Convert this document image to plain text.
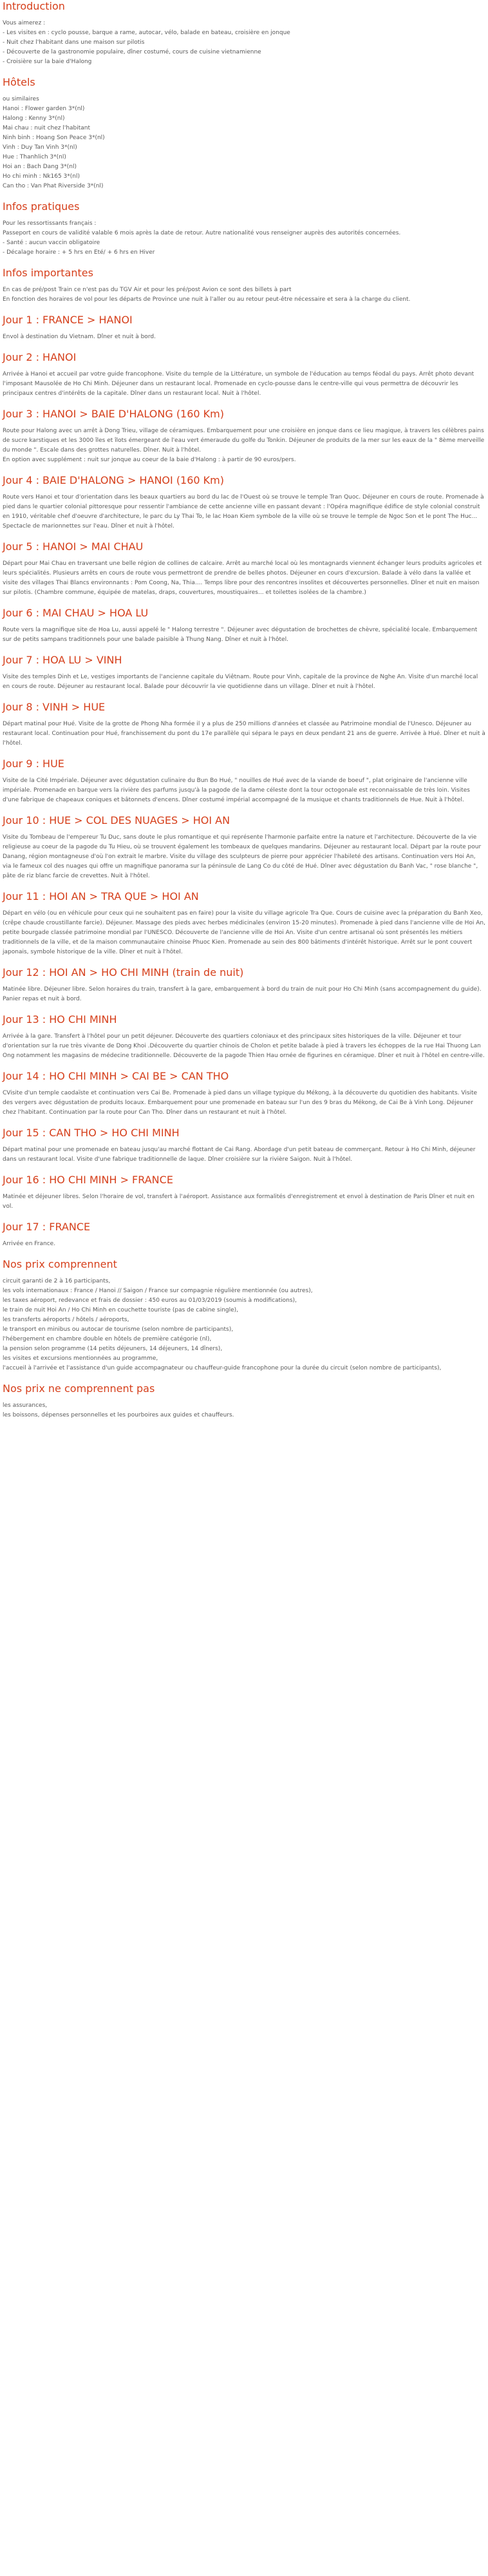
Introduction

Vous aimerez :

- Les visites en : cyclo pousse, barque a rame, autocar, vélo, balade en bateau, croisière en jonque

- Nuit chez l'habitant dans une maison sur pilotis

- Découverte de la gastronomie populaire, dîner costumé, cours de cuisine vietnamienne

- Croisière sur la baie d'Halong

Hôtels

ou similaires

Hanoi : Flower garden 3*(nl)

Halong : Kenny 3*(nl)

Mai chau : nuit chez l'habitant

Ninh binh : Hoang Son Peace 3*(nl)

Vinh : Duy Tan Vinh 3*(nl)

Hue : Thanhlich 3*(nl)

Hoi an : Bach Dang 3*(nl)

Ho chi minh : Nk165 3*(nl)

Can tho : Van Phat Riverside 3*(nl)

Infos pratiques

Pour les ressortissants français :

Passeport en cours de validité valable 6 mois après la date de retour. Autre nationalité vous renseigner auprès des autorités concernées.

- Santé : aucun vaccin obligatoire

- Décalage horaire : + 5 hrs en Eté/ + 6 hrs en Hiver

Infos importantes

En cas de pré/post Train ce n'est pas du TGV Air et pour les pré/post Avion ce sont des billets à part

En fonction des horaires de vol pour les départs de Province une nuit à l'aller ou au retour peut-être nécessaire et sera à la charge du client.

Jour 1 : FRANCE > HANOI

Envol à destination du Vietnam. Dîner et nuit à bord.

Jour 2 : HANOI

Arrivée à Hanoi et accueil par votre guide francophone. Visite du temple de la Littérature, un symbole de l'éducation au temps féodal du pays. Arrêt photo devant l'imposant Mausolée de Ho Chi Minh. Déjeuner dans un restaurant local. Promenade en cyclo-pousse dans le centre-ville qui vous permettra de découvrir les principaux centres d'intérêts de la capitale. Dîner dans un restaurant local. Nuit à l'hôtel.

Jour 3 : HANOI > BAIE D'HALONG (160 Km)

Route pour Halong avec un arrêt à Dong Trieu, village de céramiques. Embarquement pour une croisière en jonque dans ce lieu magique, à travers les célèbres pains de sucre karstiques et les 3000 îles et îlots émergeant de l'eau vert émeraude du golfe du Tonkin. Déjeuner de produits de la mer sur les eaux de la " 8ème merveille du monde ". Escale dans des grottes naturelles. Dîner. Nuit à l'hôtel.

En option avec supplément : nuit sur jonque au coeur de la baie d'Halong : à partir de 90 euros/pers.

Jour 4 : BAIE D'HALONG > HANOI (160 Km)

Route vers Hanoi et tour d'orientation dans les beaux quartiers au bord du lac de l'Ouest où se trouve le temple Tran Quoc. Déjeuner en cours de route. Promenade à pied dans le quartier colonial pittoresque pour ressentir l'ambiance de cette ancienne ville en passant devant : l'Opéra magnifique édifice de style colonial construit en 1910, véritable chef d'oeuvre d'architecture, le parc du Ly Thai To, le lac Hoan Kiem symbole de la ville où se trouve le temple de Ngoc Son et le pont The Huc... Spectacle de marionnettes sur l'eau. Dîner et nuit à l'hôtel.

Jour 5 : HANOI > MAI CHAU

Départ pour Mai Chau en traversant une belle région de collines de calcaire. Arrêt au marché local où les montagnards viennent échanger leurs produits agricoles et leurs spécialités. Plusieurs arrêts en cours de route vous permettront de prendre de belles photos. Déjeuner en cours d'excursion. Balade à vélo dans la vallée et visite des villages Thai Blancs environnants : Pom Coong, Na, Thia.... Temps libre pour des rencontres insolites et découvertes personnelles. Dîner et nuit en maison sur pilotis. (Chambre commune, équipée de matelas, draps, couvertures, moustiquaires... et toilettes isolées de la chambre.)

Jour 6 : MAI CHAU > HOA LU

Route vers la magnifique site de Hoa Lu, aussi appelé le " Halong terrestre ". Déjeuner avec dégustation de brochettes de chèvre, spécialité locale. Embarquement sur de petits sampans traditionnels pour une balade paisible à Thung Nang. Dîner et nuit à l'hôtel.

Jour 7 : HOA LU > VINH

Visite des temples Dinh et Le, vestiges importants de l'ancienne capitale du Viêtnam. Route pour Vinh, capitale de la province de Nghe An. Visite d'un marché local en cours de route. Déjeuner au restaurant local. Balade pour découvrir la vie quotidienne dans un village. Dîner et nuit à l'hôtel.

Jour 8 : VINH > HUE

Départ matinal pour Hué. Visite de la grotte de Phong Nha formée il y a plus de 250 millions d'années et classée au Patrimoine mondial de l'Unesco. Déjeuner au restaurant local. Continuation pour Hué, franchissement du pont du 17e parallèle qui sépara le pays en deux pendant 21 ans de guerre. Arrivée à Hué. Dîner et nuit à l'hôtel.

Jour 9 : HUE

Visite de la Cité Impériale. Déjeuner avec dégustation culinaire du Bun Bo Hué, " nouilles de Hué avec de la viande de boeuf ", plat originaire de l'ancienne ville impériale. Promenade en barque vers la rivière des parfums jusqu'à la pagode de la dame céleste dont la tour octogonale est reconnaissable de très loin. Visites d'une fabrique de chapeaux coniques et bâtonnets d'encens. Dîner costumé impérial accompagné de la musique et chants traditionnels de Hue. Nuit à l'hôtel.

Jour 10 : HUE > COL DES NUAGES > HOI AN

Visite du Tombeau de l'empereur Tu Duc, sans doute le plus romantique et qui représente l'harmonie parfaite entre la nature et l'architecture. Découverte de la vie religieuse au coeur de la pagode du Tu Hieu, où se trouvent également les tombeaux de quelques mandarins. Déjeuner au restaurant local. Départ par la route pour Danang, région montagneuse d'où l'on extrait le marbre. Visite du village des sculpteurs de pierre pour apprécier l'habileté des artisans. Continuation vers Hoi An, via le fameux col des nuages qui offre un magnifique panorama sur la péninsule de Lang Co du côté de Hué. Dîner avec dégustation du Banh Vac, " rose blanche ", pâte de riz blanc farcie de crevettes. Nuit à l'hôtel.

Jour 11 : HOI AN > TRA QUE > HOI AN

Départ en vélo (ou en véhicule pour ceux qui ne souhaitent pas en faire) pour la visite du village agricole Tra Que. Cours de cuisine avec la préparation du Banh Xeo, (crêpe chaude croustillante farcie). Déjeuner. Massage des pieds avec herbes médicinales (environ 15-20 minutes). Promenade à pied dans l'ancienne ville de Hoi An, petite bourgade classée patrimoine mondial par l'UNESCO. Découverte de l'ancienne ville de Hoi An. Visite d'un centre artisanal où sont présentés les métiers traditionnels de la ville, et de la maison communautaire chinoise Phuoc Kien. Promenade au sein des 800 bâtiments d'intérêt historique. Arrêt sur le pont couvert japonais, symbole historique de la ville. Dîner et nuit à l'hôtel.

Jour 12 : HOI AN > HO CHI MINH (train de nuit)

Matinée libre. Déjeuner libre. Selon horaires du train, transfert à la gare, embarquement à bord du train de nuit pour Ho Chi Minh (sans accompagnement du guide). Panier repas et nuit à bord.

Jour 13 : HO CHI MINH

Arrivée à la gare. Transfert à l'hôtel pour un petit déjeuner. Découverte des quartiers coloniaux et des principaux sites historiques de la ville. Déjeuner et tour d'orientation sur la rue très vivante de Dong Khoi .Découverte du quartier chinois de Cholon et petite balade à pied à travers les échoppes de la rue Hai Thuong Lan Ong notamment les magasins de médecine traditionnelle. Découverte de la pagode Thien Hau ornée de figurines en céramique. Dîner et nuit à l'hôtel en centre-ville.

Jour 14 : HO CHI MINH > CAI BE > CAN THO

CVisite d'un temple caodaïste et continuation vers Cai Be. Promenade à pied dans un village typique du Mékong, à la découverte du quotidien des habitants. Visite des vergers avec dégustation de produits locaux. Embarquement pour une promenade en bateau sur l'un des 9 bras du Mékong, de Cai Be à Vinh Long. Déjeuner chez l'habitant. Continuation par la route pour Can Tho. Dîner dans un restaurant et nuit à l'hôtel.

Jour 15 : CAN THO > HO CHI MINH

Départ matinal pour une promenade en bateau jusqu'au marché flottant de Cai Rang. Abordage d'un petit bateau de commerçant. Retour à Ho Chi Minh, déjeuner dans un restaurant local. Visite d'une fabrique traditionnelle de laque. Dîner croisière sur la rivière Saigon. Nuit à l'hôtel.

Jour 16 : HO CHI MINH > FRANCE

Matinée et déjeuner libres. Selon l'horaire de vol, transfert à l'aéroport. Assistance aux formalités d'enregistrement et envol à destination de Paris Dîner et nuit en vol.

Jour 17 : FRANCE

Arrivée en France.

Nos prix comprennent

circuit garanti de 2 à 16 participants,

les vols internationaux : France / Hanoi // Saigon / France sur compagnie régulière mentionnée (ou autres),

les taxes aéroport, redevance et frais de dossier : 450 euros au 01/03/2019 (soumis à modifications),

le train de nuit Hoi An / Ho Chi Minh en couchette touriste (pas de cabine single),

les transferts aéroports / hôtels / aéroports,

le transport en minibus ou autocar de tourisme (selon nombre de participants),

l'hébergement en chambre double en hôtels de première catégorie (nl),

la pension selon programme (14 petits déjeuners, 14 déjeuners, 14 dîners),

les visites et excursions mentionnées au programme,

l'accueil à l'arrivée et l'assistance d'un guide accompagnateur ou chauffeur-guide francophone pour la durée du circuit (selon nombre de participants),

Nos prix ne comprennent pas

les assurances,

les boissons, dépenses personnelles et les pourboires aux guides et chauffeurs.
